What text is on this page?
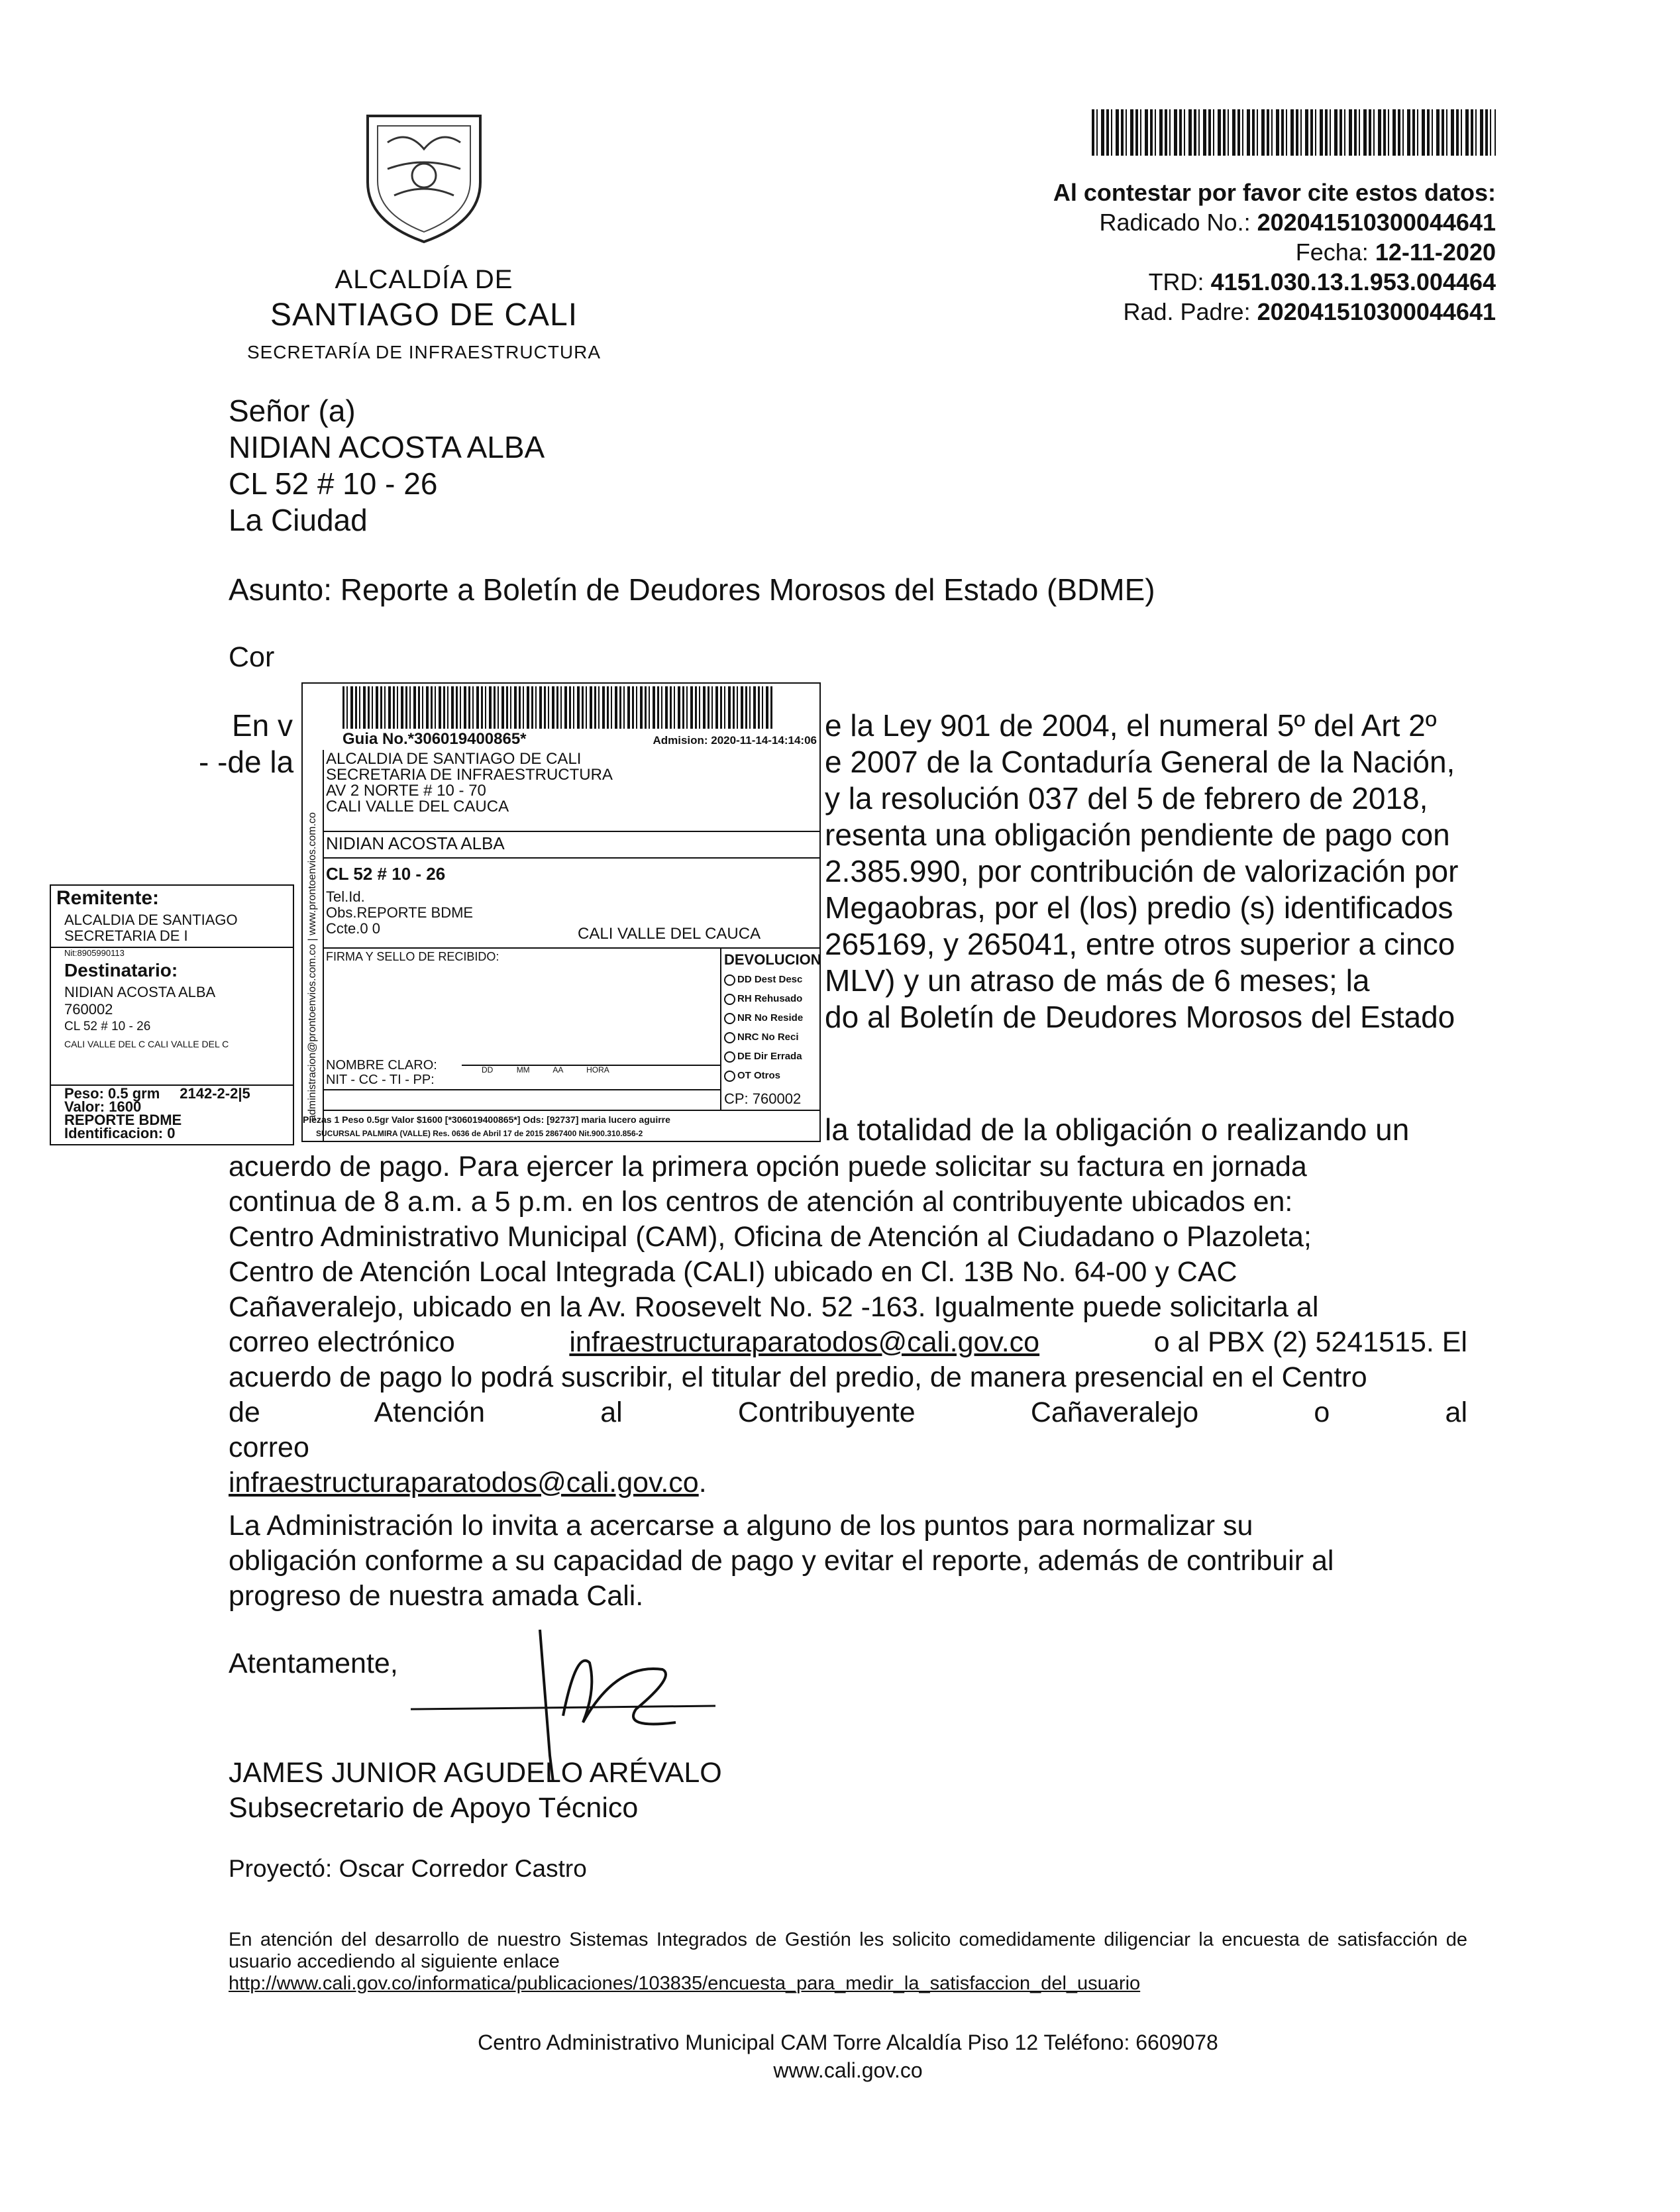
ALCALDÍA DE
SANTIAGO DE CALI
SECRETARÍA DE INFRAESTRUCTURA
Al contestar por favor cite estos datos:
Radicado No.: 202041510300044641
Fecha: 12-11-2020
TRD: 4151.030.13.1.953.004464
Rad. Padre: 202041510300044641
Señor (a)
NIDIAN ACOSTA ALBA
CL 52 # 10 - 26
La Ciudad
Asunto: Reporte a Boletín de Deudores Morosos del Estado (BDME)
Cor
En v
- -de la
e la Ley 901 de 2004, el numeral 5º del Art 2º
e 2007 de la Contaduría General de la Nación,
y la resolución 037 del 5 de febrero de 2018,
resenta una obligación pendiente de pago con
2.385.990, por contribución de valorización por
Megaobras, por el (los) predio (s) identificados
265169, y 265041, entre otros superior a cinco
MLV) y un atraso de más de 6 meses; la
do al Boletín de Deudores Morosos del Estado
la totalidad de la obligación o realizando un
acuerdo de pago. Para ejercer la primera opción puede solicitar su factura en jornada
continua de 8 a.m. a 5 p.m. en los centros de atención al contribuyente ubicados en:
Centro Administrativo Municipal (CAM), Oficina de Atención al Ciudadano o Plazoleta;
Centro de Atención Local Integrada (CALI) ubicado en Cl. 13B No. 64-00 y CAC
Cañaveralejo, ubicado en la Av. Roosevelt No. 52 -163. Igualmente puede solicitarla al
correo electrónico	infraestructuraparatodos@cali.gov.co	o al PBX (2) 5241515. El
acuerdo de pago lo podrá suscribir, el titular del predio, de manera presencial en el Centro
de Atención al Contribuyente Cañaveralejo o al correo
infraestructuraparatodos@cali.gov.co.
La Administración lo invita a acercarse a alguno de los puntos para normalizar su
obligación conforme a su capacidad de pago y evitar el reporte, además de contribuir al
progreso de nuestra amada Cali.
Atentamente,
JAMES JUNIOR AGUDELO ARÉVALO
Subsecretario de Apoyo Técnico
Proyectó: Oscar Corredor Castro
En atención del desarrollo de nuestro Sistemas Integrados de Gestión les solicito comedidamente diligenciar la encuesta de satisfacción de usuario accediendo al siguiente enlace
http://www.cali.gov.co/informatica/publicaciones/103835/encuesta_para_medir_la_satisfaccion_del_usuario
Centro Administrativo Municipal CAM Torre Alcaldía Piso 12 Teléfono: 6609078
www.cali.gov.co
Guia No.*306019400865*	Admision: 2020-11-14-14:14:06
administracion@prontoenvios.com.co | www.prontoenvios.com.co
ALCALDIA DE SANTIAGO DE CALI
SECRETARIA DE INFRAESTRUCTURA
AV 2 NORTE # 10 - 70
CALI VALLE DEL CAUCA
NIDIAN ACOSTA ALBA
CL 52 # 10 - 26
Tel.Id.
Obs.REPORTE BDME
Ccte.0 0	CALI VALLE DEL CAUCA
FIRMA Y SELLO DE RECIBIDO:	DEVOLUCION
DD Dest Desc
RH Rehusado
NR No Reside
NRC No Reci
DE Dir Errada
OT Otros
NOMBRE CLARO:
NIT - CC - TI - PP:
DD	MM	AA	HORA
CP: 760002
Piezas 1 Peso 0.5gr Valor $1600 [*306019400865*] Ods: [92737] maria lucero aguirre
SUCURSAL PALMIRA (VALLE) Res. 0636 de Abril 17 de 2015 2867400 Nit.900.310.856-2
Remitente:
ALCALDIA DE SANTIAGO
SECRETARIA DE I
Nit:8905990113
Destinatario:
NIDIAN ACOSTA ALBA
760002
CL 52 # 10 - 26
CALI VALLE DEL C CALI VALLE DEL C
Peso: 0.5 grm 2142-2-2|5
Valor: 1600
REPORTE BDME
Identificacion: 0
